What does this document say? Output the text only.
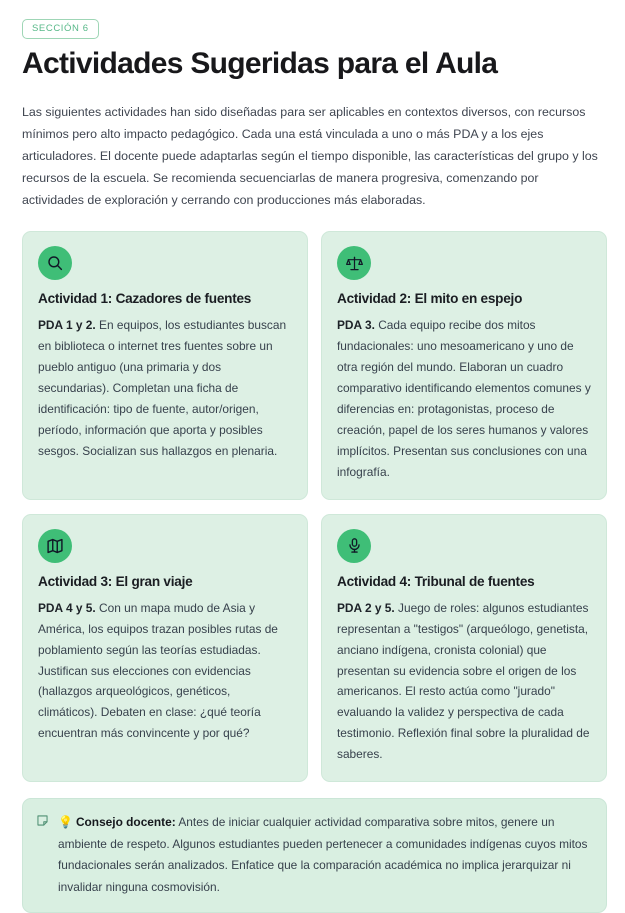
SECCIÓN 6
Actividades Sugeridas para el Aula

Las siguientes actividades han sido diseñadas para ser aplicables en contextos diversos, con recursos mínimos pero alto impacto pedagógico. Cada una está vinculada a uno o más PDA y a los ejes articuladores. El docente puede adaptarlas según el tiempo disponible, las características del grupo y los recursos de la escuela. Se recomienda secuenciarlas de manera progresiva, comenzando por actividades de exploración y cerrando con producciones más elaboradas.

Actividad 1: Cazadores de fuentes

PDA 1 y 2. En equipos, los estudiantes buscan en biblioteca o internet tres fuentes sobre un pueblo antiguo (una primaria y dos secundarias). Completan una ficha de identificación: tipo de fuente, autor/origen, período, información que aporta y posibles sesgos. Socializan sus hallazgos en plenaria.

Actividad 2: El mito en espejo

PDA 3. Cada equipo recibe dos mitos fundacionales: uno mesoamericano y uno de otra región del mundo. Elaboran un cuadro comparativo identificando elementos comunes y diferencias en: protagonistas, proceso de creación, papel de los seres humanos y valores implícitos. Presentan sus conclusiones con una infografía.

Actividad 3: El gran viaje

PDA 4 y 5. Con un mapa mudo de Asia y América, los equipos trazan posibles rutas de poblamiento según las teorías estudiadas. Justifican sus elecciones con evidencias (hallazgos arqueológicos, genéticos, climáticos). Debaten en clase: ¿qué teoría encuentran más convincente y por qué?

Actividad 4: Tribunal de fuentes

PDA 2 y 5. Juego de roles: algunos estudiantes representan a "testigos" (arqueólogo, genetista, anciano indígena, cronista colonial) que presentan su evidencia sobre el origen de los americanos. El resto actúa como "jurado" evaluando la validez y perspectiva de cada testimonio. Reflexión final sobre la pluralidad de saberes.

💡 Consejo docente: Antes de iniciar cualquier actividad comparativa sobre mitos, genere un ambiente de respeto. Algunos estudiantes pueden pertenecer a comunidades indígenas cuyos mitos fundacionales serán analizados. Enfatice que la comparación académica no implica jerarquizar ni invalidar ninguna cosmovisión.
